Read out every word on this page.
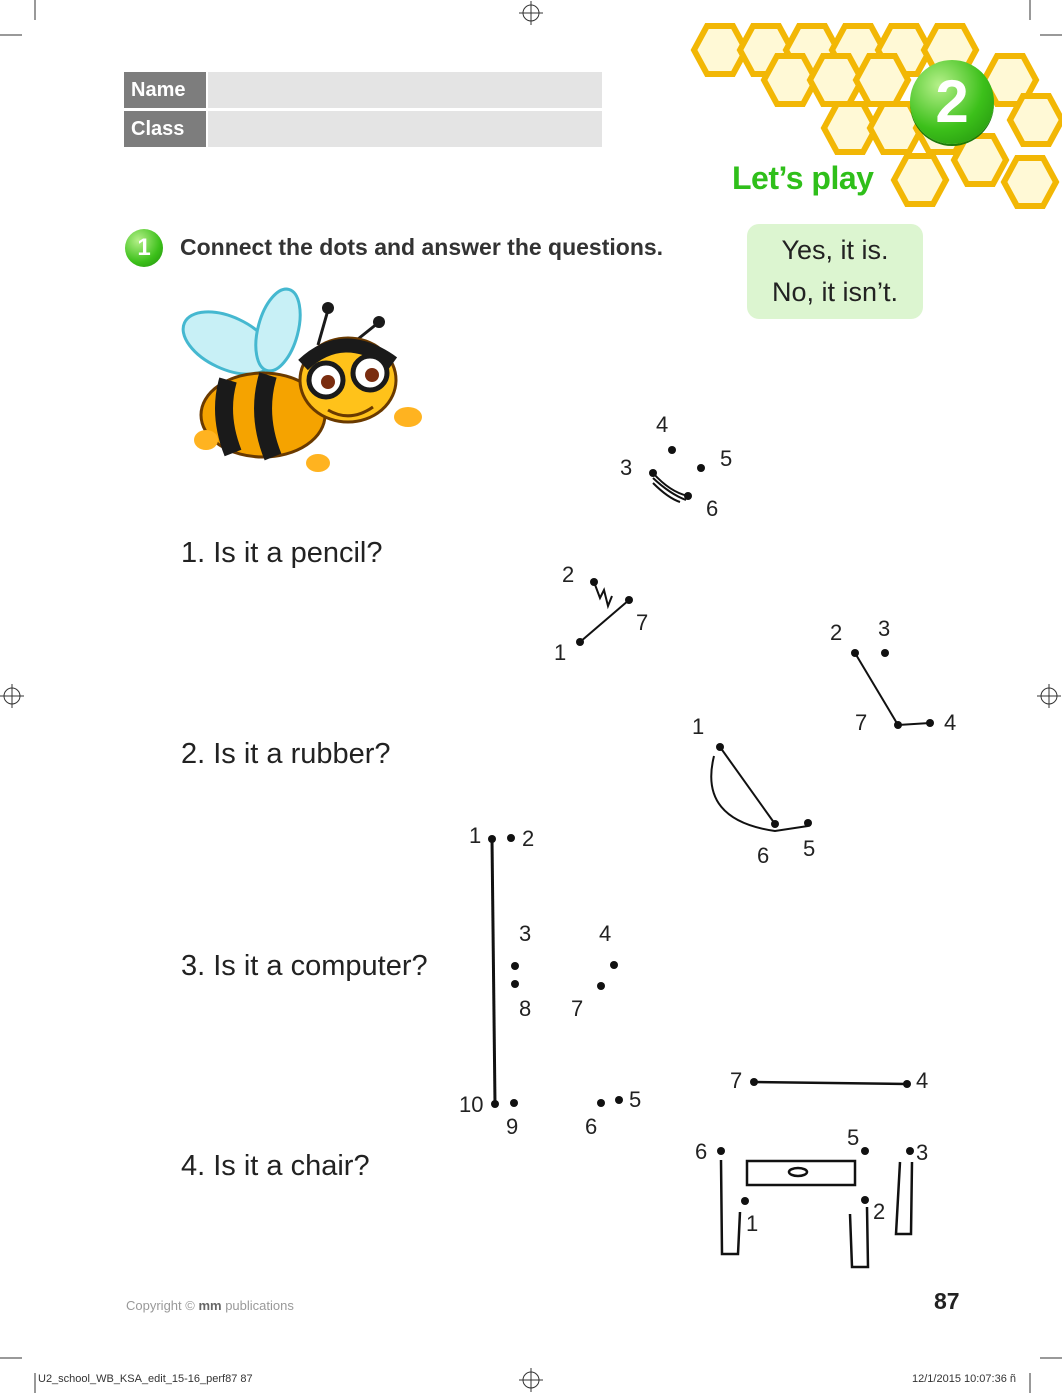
Name
Class	2
Let’s play
1	Connect the dots and answer the questions.	Yes, it is.
No, it isn’t.
1. Is it a pencil?
2. Is it a rubber?
3. Is it a computer?
4. Is it a chair?
4
5
3
6
2
7
1
2 3
7	4
1
6 5
1 2
3	4
8 7
10
9	6
5
7	4
6
5
3
1	2
Copyright © mm publications	87
U2_school_WB_KSA_edit_15-16_perf87 87	12/1/2015 10:07:36 ñ
